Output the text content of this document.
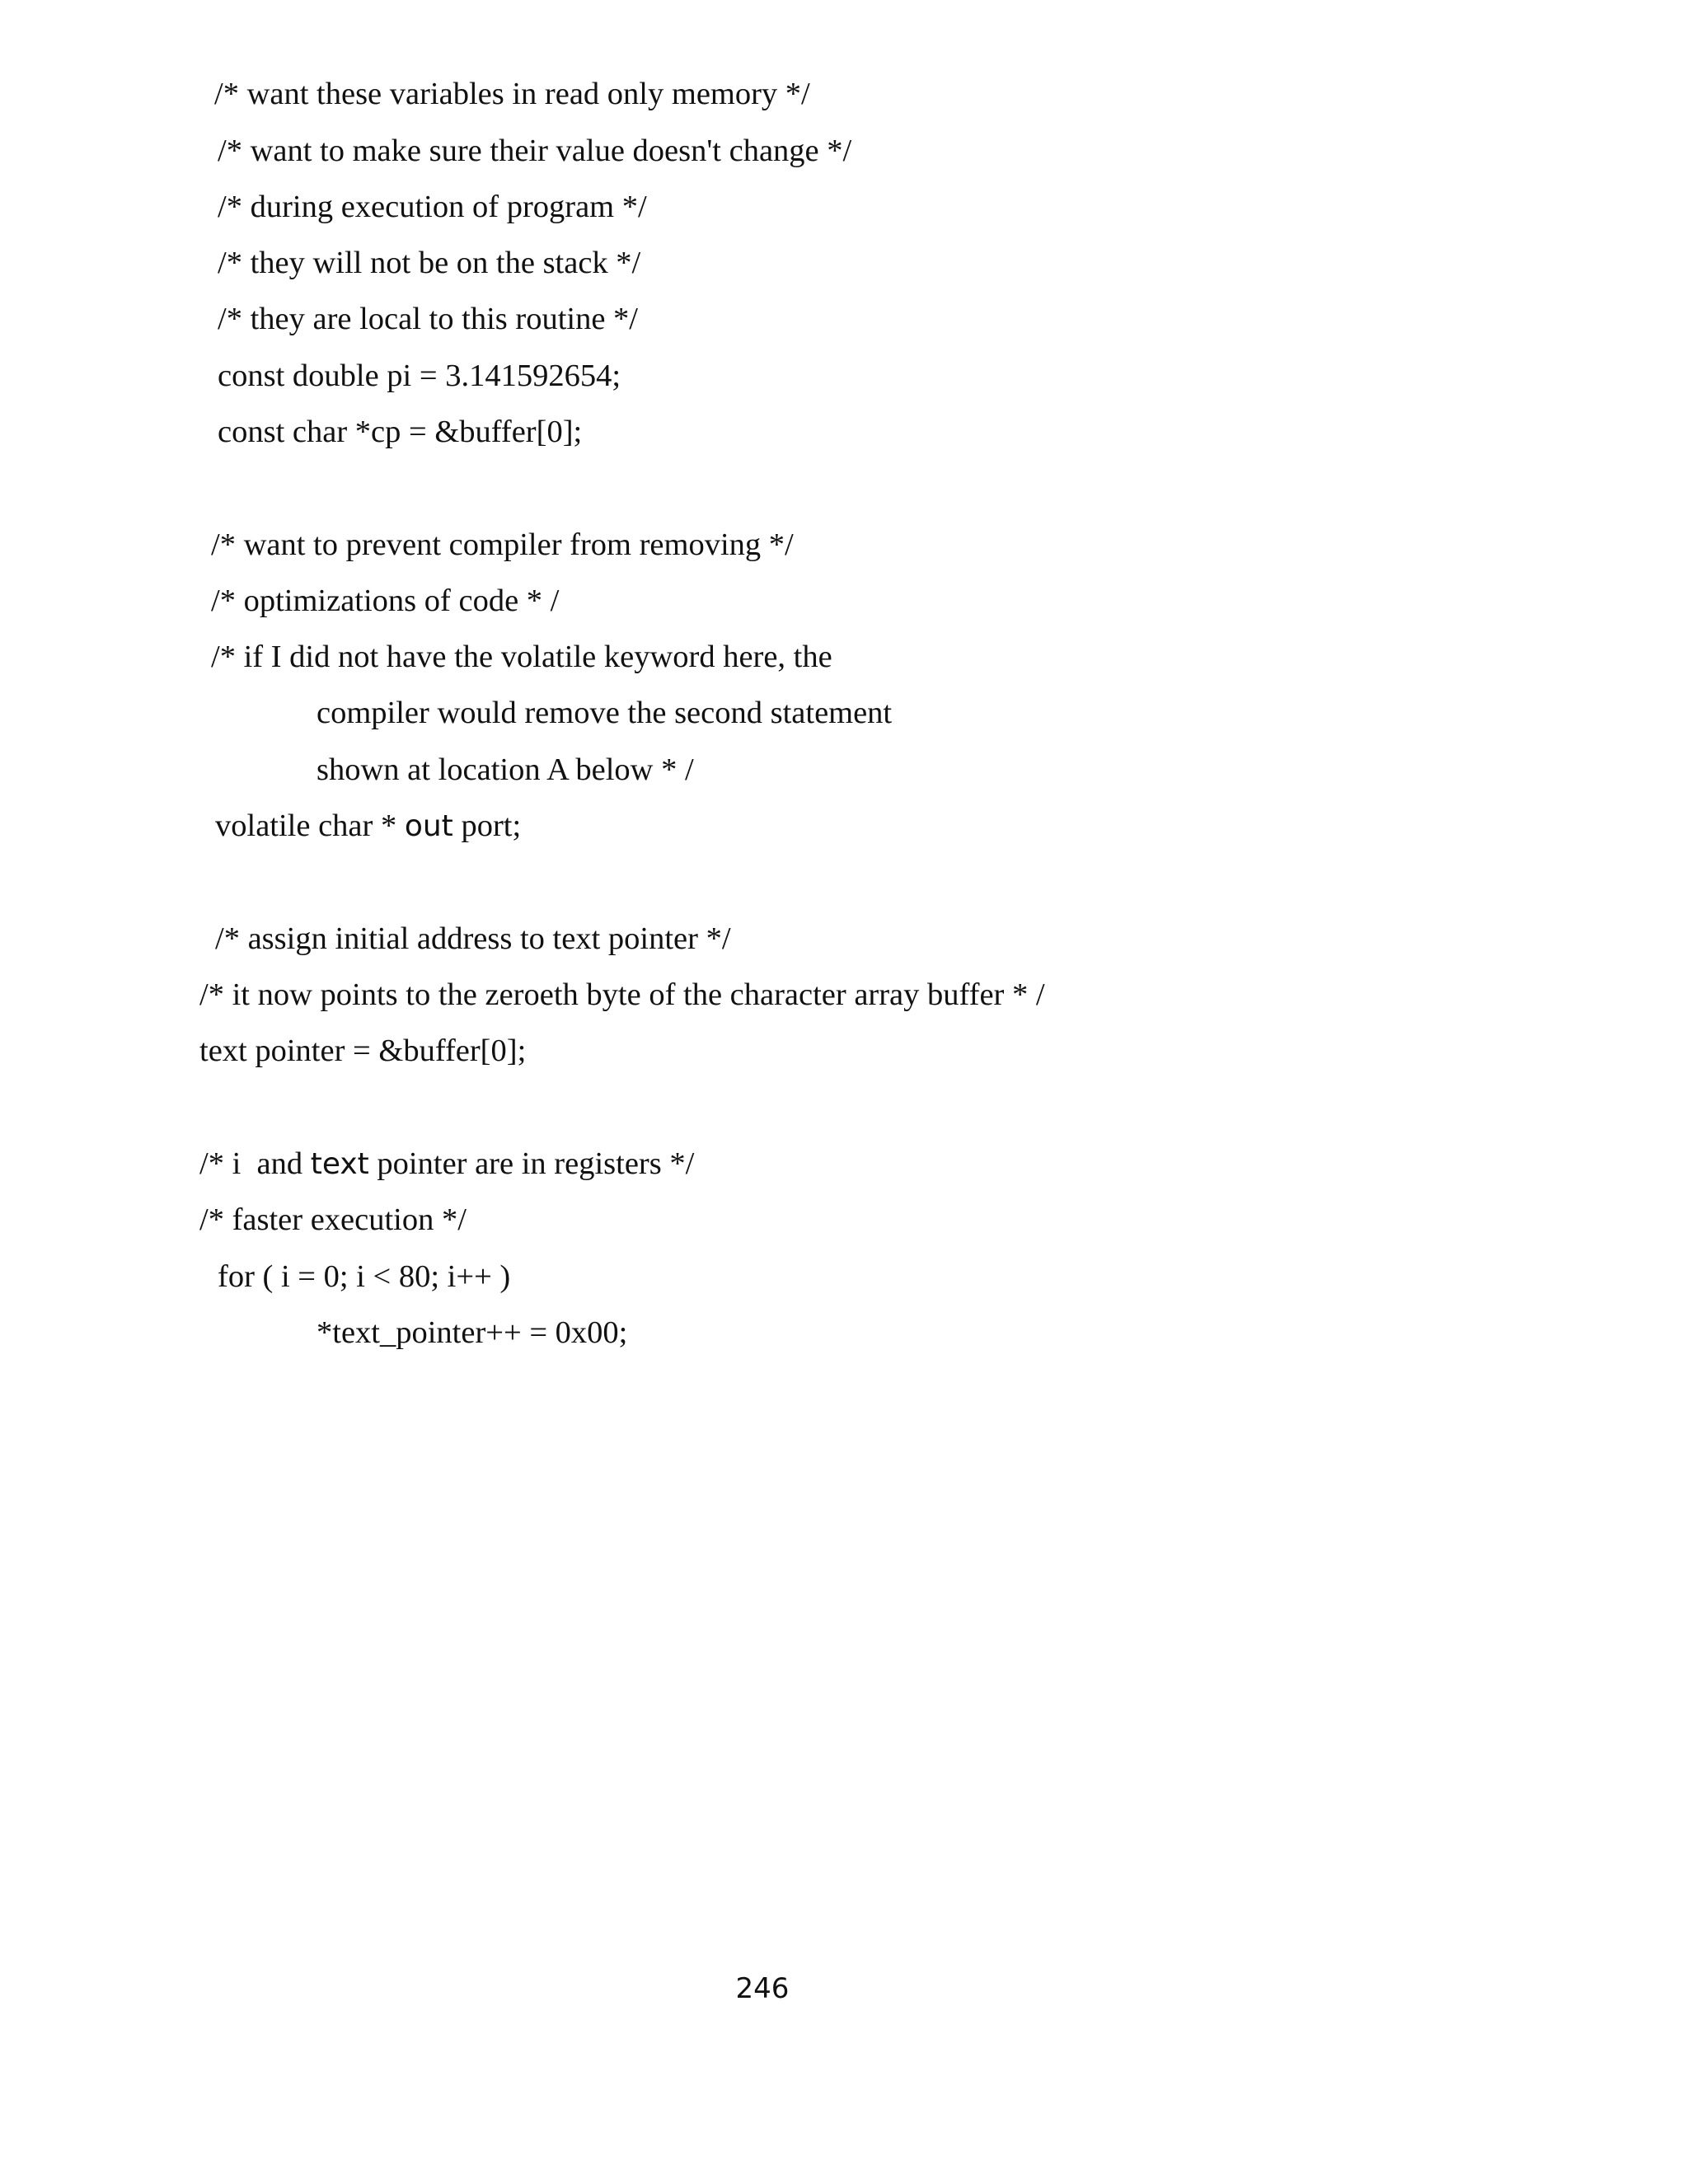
/* want these variables in read only memory */
/* want to make sure their value doesn't change */
/* during execution of program */
/* they will not be on the stack */
/* they are local to this routine */
const double pi = 3.141592654;
const char *cp = &buffer[0];
/* want to prevent compiler from removing */
/* optimizations of code * /
/* if I did not have the volatile keyword here, the
compiler would remove the second statement
shown at location A below * /
volatile char * out port;
/* assign initial address to text pointer */
/* it now points to the zeroeth byte of the character array buffer * /
text pointer = &buffer[0];
/* i  and text pointer are in registers */
/* faster execution */
for ( i = 0; i < 80; i++ )
*text_pointer++ = 0x00;
246
